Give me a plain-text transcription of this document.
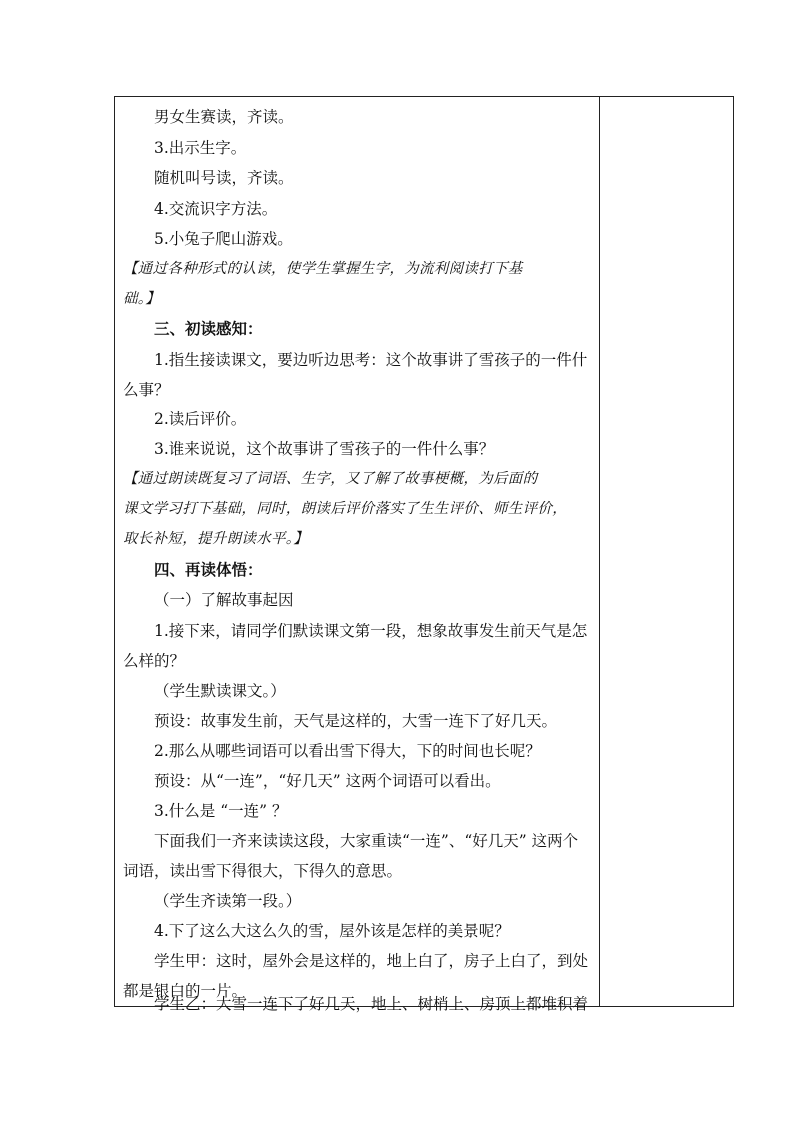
男女生赛读，齐读。
3.出示生字。
随机叫号读，齐读。
4.交流识字方法。
5.小兔子爬山游戏。
【通过各种形式的认读，使学生掌握生字，为流利阅读打下基
础。】
三、初读感知：
1.指生接读课文，要边听边思考：这个故事讲了雪孩子的一件什
么事？
2.读后评价。
3.谁来说说，这个故事讲了雪孩子的一件什么事？
【通过朗读既复习了词语、生字，又了解了故事梗概，为后面的
课文学习打下基础，同时，朗读后评价落实了生生评价、师生评价，
取长补短，提升朗读水平。】
四、再读体悟：
（一）了解故事起因
1.接下来，请同学们默读课文第一段，想象故事发生前天气是怎
么样的？
（学生默读课文。）
预设：故事发生前，天气是这样的，大雪一连下了好几天。
2.那么从哪些词语可以看出雪下得大，下的时间也长呢？
预设：从“一连”，“好几天” 这两个词语可以看出。
3.什么是 “一连” ？
下面我们一齐来读读这段，大家重读“一连”、“好几天” 这两个
词语，读出雪下得很大，下得久的意思。
（学生齐读第一段。）
4.下了这么大这么久的雪，屋外该是怎样的美景呢？
学生甲：这时，屋外会是这样的，地上白了，房子上白了，到处
都是银白的一片。
学生乙：大雪一连下了好几天，地上、树梢上、房顶上都堆积着
